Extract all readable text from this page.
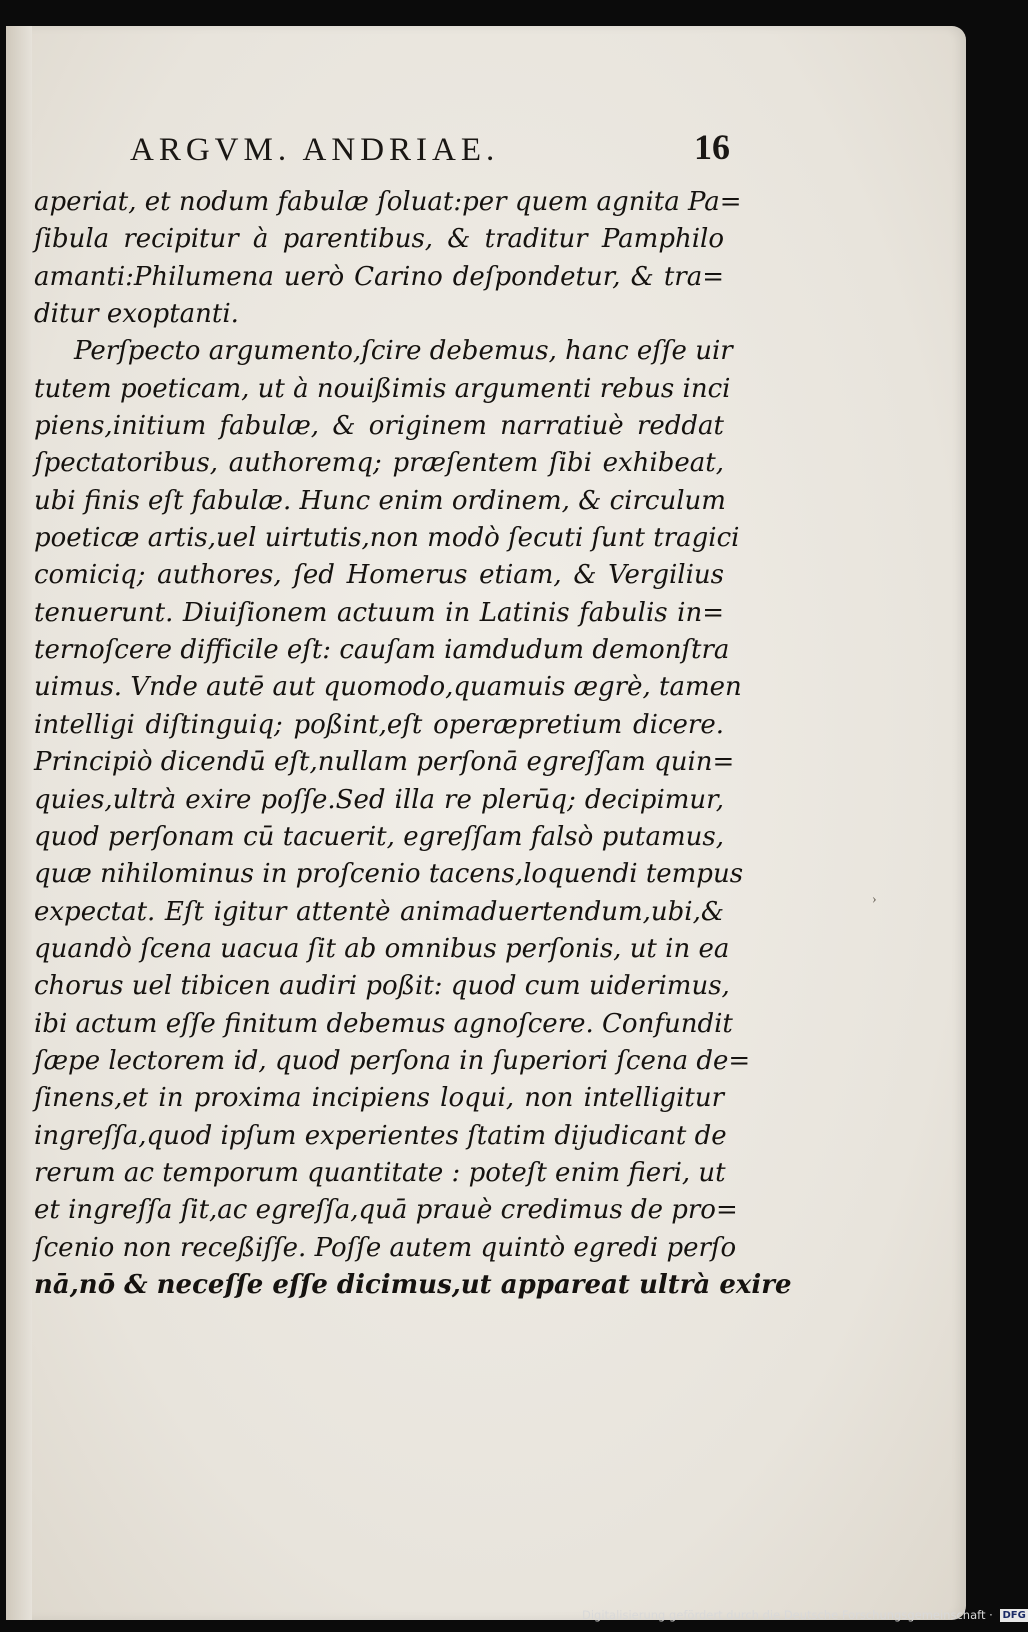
ARGVM. ANDRIAE.	16
aperiat, et nodum fabulæ ſoluat:per quem agnita Pa=
ſibula recipitur à parentibus, & traditur Pamphilo
amanti:Philumena uerò Carino deſpondetur, & tra=
ditur exoptanti.
Perſpecto argumento,ſcire debemus, hanc eſſe uir
tutem poeticam, ut à nouißimis argumenti rebus inci
piens,initium fabulæ, & originem narratiuè reddat
ſpectatoribus, authoremq; præſentem ſibi exhibeat,
ubi finis eſt fabulæ. Hunc enim ordinem, & circulum
poeticæ artis,uel uirtutis,non modò ſecuti ſunt tragici
comiciq; authores, ſed Homerus etiam, & Vergilius
tenuerunt. Diuiſionem actuum in Latinis fabulis in=
ternoſcere difficile eſt: cauſam iamdudum demonſtra
uimus. Vnde autē aut quomodo,quamuis ægrè, tamen
intelligi diſtinguiq; poßint,eſt operæpretium dicere.
Principiò dicendū eſt,nullam perſonā egreſſam quin=
quies,ultrà exire poſſe.Sed illa re plerūq; decipimur,
quod perſonam cū tacuerit, egreſſam falsò putamus,
quæ nihilominus in proſcenio tacens,loquendi tempus
expectat. Eſt igitur attentè animaduertendum,ubi,&
quandò ſcena uacua ſit ab omnibus perſonis, ut in ea
chorus uel tibicen audiri poßit: quod cum uiderimus,
ibi actum eſſe finitum debemus agnoſcere. Confundit
ſæpe lectorem id, quod perſona in ſuperiori ſcena de=
ſinens,et in proxima incipiens loqui, non intelligitur
ingreſſa,quod ipſum experientes ſtatim dijudicant de
rerum ac temporum quantitate : poteſt enim fieri, ut
et ingreſſa ſit,ac egreſſa,quā prauè credimus de pro=
ſcenio non receßiſſe. Poſſe autem quintò egredi perſo
nā,nō & neceſſe eſſe dicimus,ut appareat ultrà exire
›
Digitalisierung gefördert durch die Deutsche Forschungsgemeinschaft · DFG
